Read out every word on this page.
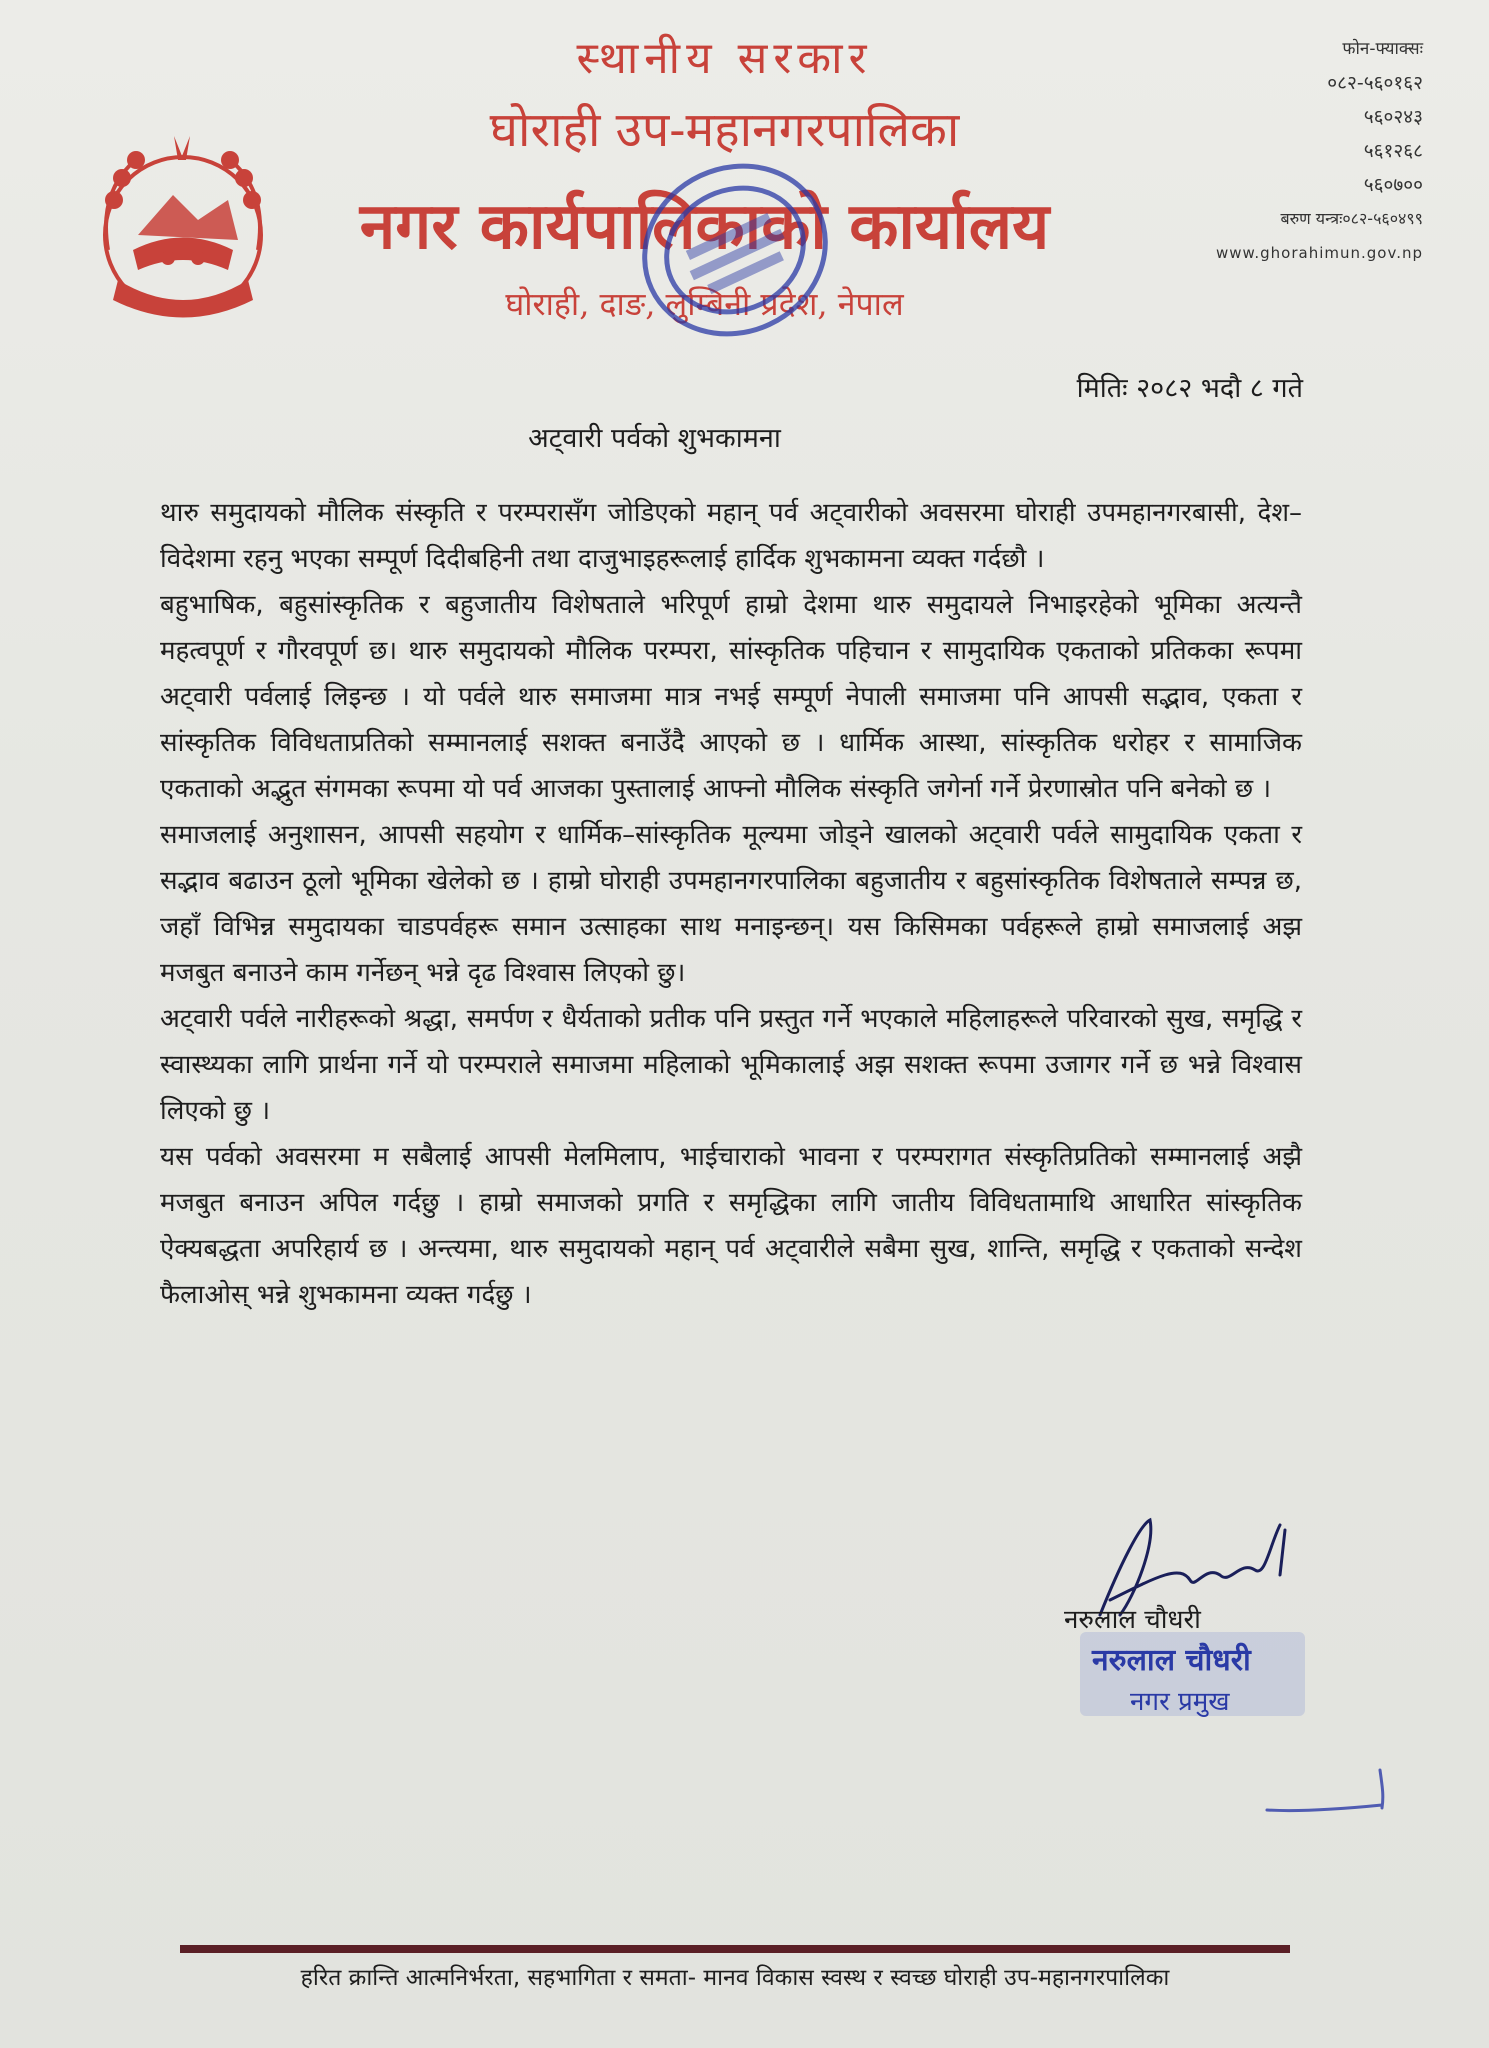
स्थानीय सरकार
घोराही उप-महानगरपालिका
नगर कार्यपालिकाको कार्यालय
घोराही, दाङ, लुम्बिनी प्रदेश, नेपाल
फोन-फ्याक्सः
०८२-५६०१६२
५६०२४३
५६१२६८
५६०७००
बरुण यन्त्रः०८२-५६०४९९
www.ghorahimun.gov.np
मितिः २०८२ भदौ ८ गते
अट्वारी पर्वको शुभकामना

थारु समुदायको मौलिक संस्कृति र परम्परासँग जोडिएको महान् पर्व अट्वारीको अवसरमा घोराही उपमहानगरबासी, देश–विदेशमा रहनु भएका सम्पूर्ण दिदीबहिनी तथा दाजुभाइहरूलाई हार्दिक शुभकामना व्यक्त गर्दछौ ।

बहुभाषिक, बहुसांस्कृतिक र बहुजातीय विशेषताले भरिपूर्ण हाम्रो देशमा थारु समुदायले निभाइरहेको भूमिका अत्यन्तै महत्वपूर्ण र गौरवपूर्ण छ। थारु समुदायको मौलिक परम्परा, सांस्कृतिक पहिचान र सामुदायिक एकताको प्रतिकका रूपमा अट्वारी पर्वलाई लिइन्छ । यो पर्वले थारु समाजमा मात्र नभई सम्पूर्ण नेपाली समाजमा पनि आपसी सद्भाव, एकता र सांस्कृतिक विविधताप्रतिको सम्मानलाई सशक्त बनाउँदै आएको छ । धार्मिक आस्था, सांस्कृतिक धरोहर र सामाजिक एकताको अद्भुत संगमका रूपमा यो पर्व आजका पुस्तालाई आफ्नो मौलिक संस्कृति जगेर्ना गर्ने प्रेरणास्रोत पनि बनेको छ ।

समाजलाई अनुशासन, आपसी सहयोग र धार्मिक–सांस्कृतिक मूल्यमा जोड्ने खालको अट्वारी पर्वले सामुदायिक एकता र सद्भाव बढाउन ठूलो भूमिका खेलेको छ । हाम्रो घोराही उपमहानगरपालिका बहुजातीय र बहुसांस्कृतिक विशेषताले सम्पन्न छ, जहाँ विभिन्न समुदायका चाडपर्वहरू समान उत्साहका साथ मनाइन्छन्। यस किसिमका पर्वहरूले हाम्रो समाजलाई अझ मजबुत बनाउने काम गर्नेछन् भन्ने दृढ विश्वास लिएको छु।

अट्वारी पर्वले नारीहरूको श्रद्धा, समर्पण र धैर्यताको प्रतीक पनि प्रस्तुत गर्ने भएकाले महिलाहरूले परिवारको सुख, समृद्धि र स्वास्थ्यका लागि प्रार्थना गर्ने यो परम्पराले समाजमा महिलाको भूमिकालाई अझ सशक्त रूपमा उजागर गर्ने छ भन्ने विश्वास लिएको छु ।

यस पर्वको अवसरमा म सबैलाई आपसी मेलमिलाप, भाईचाराको भावना र परम्परागत संस्कृतिप्रतिको सम्मानलाई अझै मजबुत बनाउन अपिल गर्दछु । हाम्रो समाजको प्रगति र समृद्धिका लागि जातीय विविधतामाथि आधारित सांस्कृतिक ऐक्यबद्धता अपरिहार्य छ । अन्त्यमा, थारु समुदायको महान् पर्व अट्वारीले सबैमा सुख, शान्ति, समृद्धि र एकताको सन्देश फैलाओस् भन्ने शुभकामना व्यक्त गर्दछु ।

नरुलाल चौधरी
नरुलाल चौधरी
नगर प्रमुख
हरित क्रान्ति आत्मनिर्भरता, सहभागिता र समता- मानव विकास स्वस्थ र स्वच्छ घोराही उप-महानगरपालिका
